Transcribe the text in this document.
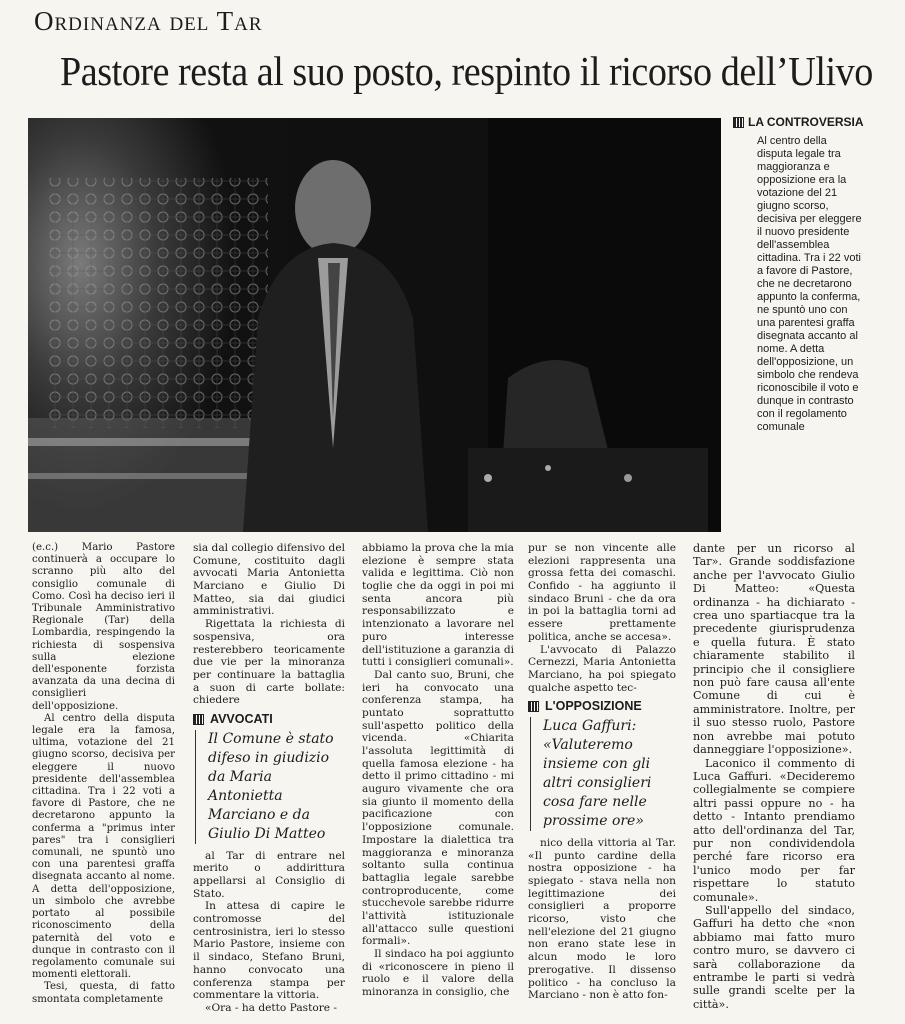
Ordinanza del Tar
Pastore resta al suo posto, respinto il ricorso dell’Ulivo
LA CONTROVERSIA
Al centro della disputa legale tra maggioranza e opposizione era la votazione del 21 giugno scorso, decisiva per eleggere il nuovo presidente dell'assemblea cittadina. Tra i 22 voti a favore di Pastore, che ne decretarono appunto la conferma, ne spuntò uno con una parentesi graffa disegnata accanto al nome. A detta dell'opposizione, un simbolo che rendeva riconoscibile il voto e dunque in contrasto con il regolamento comunale

(e.c.) Mario Pastore continuerà a occupare lo scranno più alto del consiglio comunale di Como. Così ha deciso ieri il Tribunale Amministrativo Regionale (Tar) della Lombardia, respingendo la richiesta di sospensiva sulla elezione dell'esponente forzista avanzata da una decina di consiglieri dell'opposizione.

Al centro della disputa legale era la famosa, ultima, votazione del 21 giugno scorso, decisiva per eleggere il nuovo presidente dell'assemblea cittadina. Tra i 22 voti a favore di Pastore, che ne decretarono appunto la conferma a "primus inter pares" tra i consiglieri comunali, ne spuntò uno con una parentesi graffa disegnata accanto al nome. A detta dell'opposizione, un simbolo che avrebbe portato al possibile riconoscimento della paternità del voto e dunque in contrasto con il regolamento comunale sui momenti elettorali.

Tesi, questa, di fatto smontata completamente

sia dal collegio difensivo del Comune, costituito dagli avvocati Maria Antonietta Marciano e Giulio Di Matteo, sia dai giudici amministrativi.

Rigettata la richiesta di sospensiva, ora resterebbero teoricamente due vie per la minoranza per continuare la battaglia a suon di carte bollate: chiedere

AVVOCATI
Il Comune è stato difeso in giudizio da Maria Antonietta Marciano e da Giulio Di Matteo

al Tar di entrare nel merito o addirittura appellarsi al Consiglio di Stato.

In attesa di capire le contromosse del centrosinistra, ieri lo stesso Mario Pastore, insieme con il sindaco, Stefano Bruni, hanno convocato una conferenza stampa per commentare la vittoria.

«Ora - ha detto Pastore -

abbiamo la prova che la mia elezione è sempre stata valida e legittima. Ciò non toglie che da oggi in poi mi senta ancora più responsabilizzato e intenzionato a lavorare nel puro interesse dell'istituzione a garanzia di tutti i consiglieri comunali».

Dal canto suo, Bruni, che ieri ha convocato una conferenza stampa, ha puntato soprattutto sull'aspetto politico della vicenda. «Chiarita l'assoluta legittimità di quella famosa elezione - ha detto il primo cittadino - mi auguro vivamente che ora sia giunto il momento della pacificazione con l'opposizione comunale. Impostare la dialettica tra maggioranza e minoranza soltanto sulla continua battaglia legale sarebbe controproducente, come stucchevole sarebbe ridurre l'attività istituzionale all'attacco sulle questioni formali».

Il sindaco ha poi aggiunto di «riconoscere in pieno il ruolo e il valore della minoranza in consiglio, che

pur se non vincente alle elezioni rappresenta una grossa fetta dei comaschi. Confido - ha aggiunto il sindaco Bruni - che da ora in poi la battaglia torni ad essere prettamente politica, anche se accesa».

L'avvocato di Palazzo Cernezzi, Maria Antonietta Marciano, ha poi spiegato qualche aspetto tec-

L'OPPOSIZIONE
Luca Gaffuri: «Valuteremo insieme con gli altri consiglieri cosa fare nelle prossime ore»

nico della vittoria al Tar. «Il punto cardine della nostra opposizione - ha spiegato - stava nella non legittimazione dei consiglieri a proporre ricorso, visto che nell'elezione del 21 giugno non erano state lese in alcun modo le loro prerogative. Il dissenso politico - ha concluso la Marciano - non è atto fon-

dante per un ricorso al Tar». Grande soddisfazione anche per l'avvocato Giulio Di Matteo: «Questa ordinanza - ha dichiarato - crea uno spartiacque tra la precedente giurisprudenza e quella futura. È stato chiaramente stabilito il principio che il consigliere non può fare causa all'ente Comune di cui è amministratore. Inoltre, per il suo stesso ruolo, Pastore non avrebbe mai potuto danneggiare l'opposizione».

Laconico il commento di Luca Gaffuri. «Decideremo collegialmente se compiere altri passi oppure no - ha detto - Intanto prendiamo atto dell'ordinanza del Tar, pur non condividendola perché fare ricorso era l'unico modo per far rispettare lo statuto comunale».

Sull'appello del sindaco, Gaffuri ha detto che «non abbiamo mai fatto muro contro muro, se davvero ci sarà collaborazione da entrambe le parti si vedrà sulle grandi scelte per la città».
